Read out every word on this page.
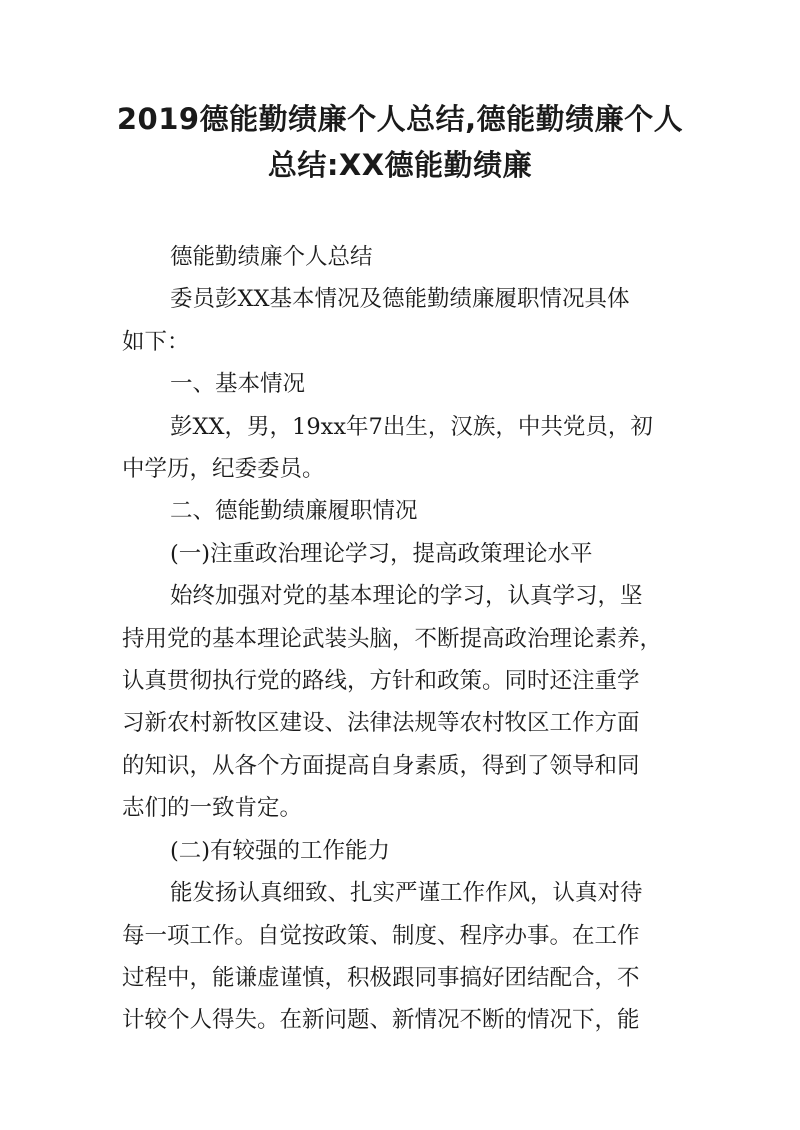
2019德能勤绩廉个人总结,德能勤绩廉个人
总结:XX德能勤绩廉

德能勤绩廉个人总结

委员彭XX基本情况及德能勤绩廉履职情况具体

如下：

一、基本情况

彭XX，男，19xx年7出生，汉族，中共党员，初

中学历，纪委委员。

二、德能勤绩廉履职情况

(一)注重政治理论学习，提高政策理论水平

始终加强对党的基本理论的学习，认真学习，坚

持用党的基本理论武装头脑，不断提高政治理论素养，

认真贯彻执行党的路线，方针和政策。同时还注重学

习新农村新牧区建设、法律法规等农村牧区工作方面

的知识，从各个方面提高自身素质，得到了领导和同

志们的一致肯定。

(二)有较强的工作能力

能发扬认真细致、扎实严谨工作作风，认真对待

每一项工作。自觉按政策、制度、程序办事。在工作

过程中，能谦虚谨慎，积极跟同事搞好团结配合，不

计较个人得失。在新问题、新情况不断的情况下，能
